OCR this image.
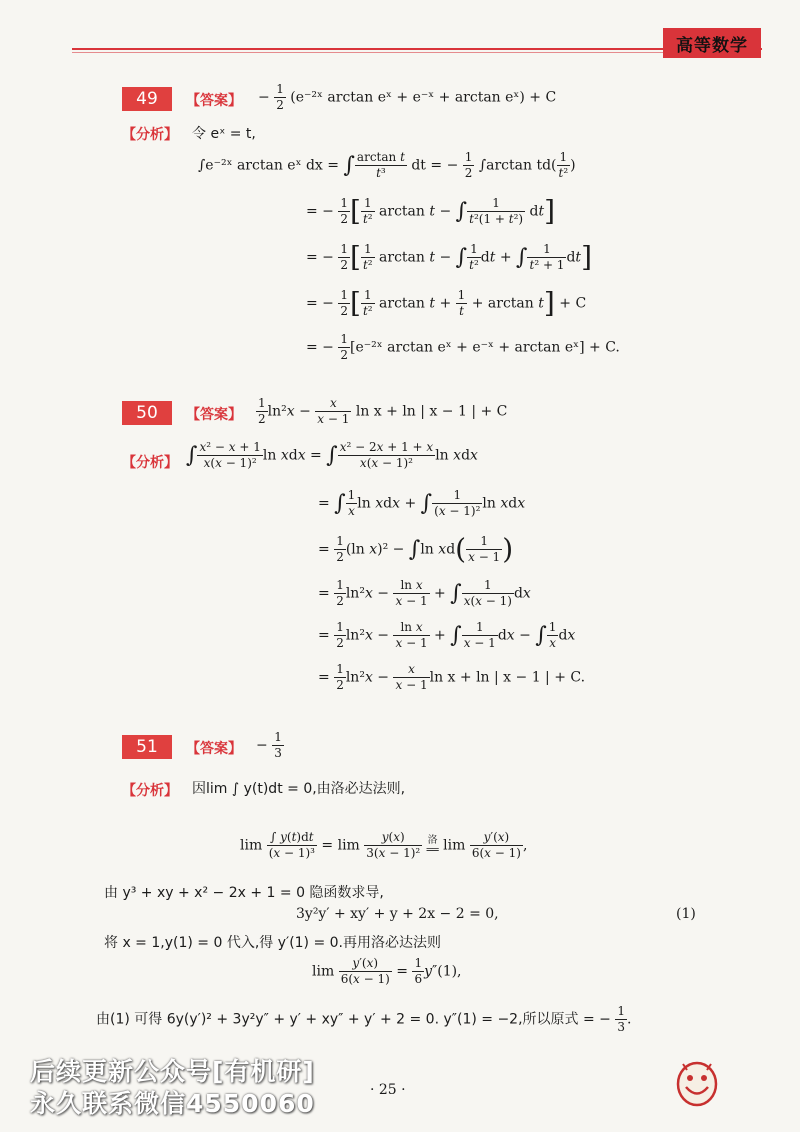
高等数学
49	【答案】 − $\frac{1}{2}$ (e⁻²ˣ arctan eˣ + e⁻ˣ + arctan eˣ) + C
【分析】 令 eˣ = t,
∫e⁻²ˣ arctan eˣ dx = ∫ $\frac{\text{arctan t}}{\text{t³}}$ dt = − $\frac{1}{2} \int\arctan$ $td( \frac{1}{\text{t²}}$ )
= − $\frac{1}{2}$ [ $\frac{1}{\text{t²}}$ arctan t − ∫ $\frac{1}{\text{t²(1 + t²)}} dt$]
= − $\frac{1}{2}$ [ $\frac{1}{\text{t²}}$ arctan t − ∫ $\frac{1}{\text{t²}}$ dt + ∫ $\frac{1}{\text{t² + 1}} dt$]
= − $\frac{1}{2}$ [ $\frac{1}{\text{t²}}$ $\arctan t + \frac{1}{t} + \arctan t] + C$
= − $\frac{1}{2}$ [e⁻²ˣ arctan eˣ + e⁻ˣ + arctan eˣ] + C.
50	【答案】 $\frac{1}{2} \ln^2x - \frac{x}{x - 1}$ ln x + ln | x − 1 | + C
【分析】 ∫ $\frac{\text{x² − x + 1}}{\text{x(x − 1)²}}$ ln xdx = ∫ $\frac{\text{x² − 2x + 1 + x}}{\text{x(x − 1)²}}$ ln xdx
= ∫ $\frac{1}{x}$ ln xdx + ∫ $\frac{1}{\text{(x − 1)²}}$ ln xdx
= $\frac{1}{2} (\ln$ x)² − ∫ln $xd( \frac{1}{x - 1}$ )
= $\frac{1}{2} \ln^2x - \frac{\text{ln x}}{x - 1}$ + ∫ $\frac{1}{x(x - 1)}$ dx
= $\frac{1}{2} \ln^2x - \frac{\text{ln x}}{x - 1}$ + ∫ $\frac{1}{x - 1}$ dx − ∫ $\frac{1}{x}$ dx
= $\frac{1}{2} \ln^2x - \frac{x}{x - 1}$ ln x + ln | x − 1 | + C.
51	【答案】 − $\frac{1}{3}$
【分析】 因lim ∫ y(t)dt = 0,由洛必达法则,
$\lim \frac{\int y(t)dt}{\text{(x − 1)³}} = \lim \frac{y(x)}{\text{3(x − 1)²}}$ 洛
══ $\lim \frac{y'(x)}{6(x - 1)}$ ,
由 y³ + xy + x² − 2x + 1 = 0 隐函数求导,
3y²y′ + xy′ + y + 2x − 2 = 0,	(1)
将 x = 1,y(1) = 0 代入,得 y′(1) = 0.再用洛必达法则
$\lim \frac{y'(x)}{6(x - 1)} = \frac{1}{6} y''(1)$,
由(1) 可得 6y(y′)² + 3y²y″ + y′ + xy″ + y′ + 2 = 0. y″(1) = −2,所以原式 = − $\frac{1}{3}$ .
后续更新公众号[有机研]
永久联系微信4550060	· 25 ·
